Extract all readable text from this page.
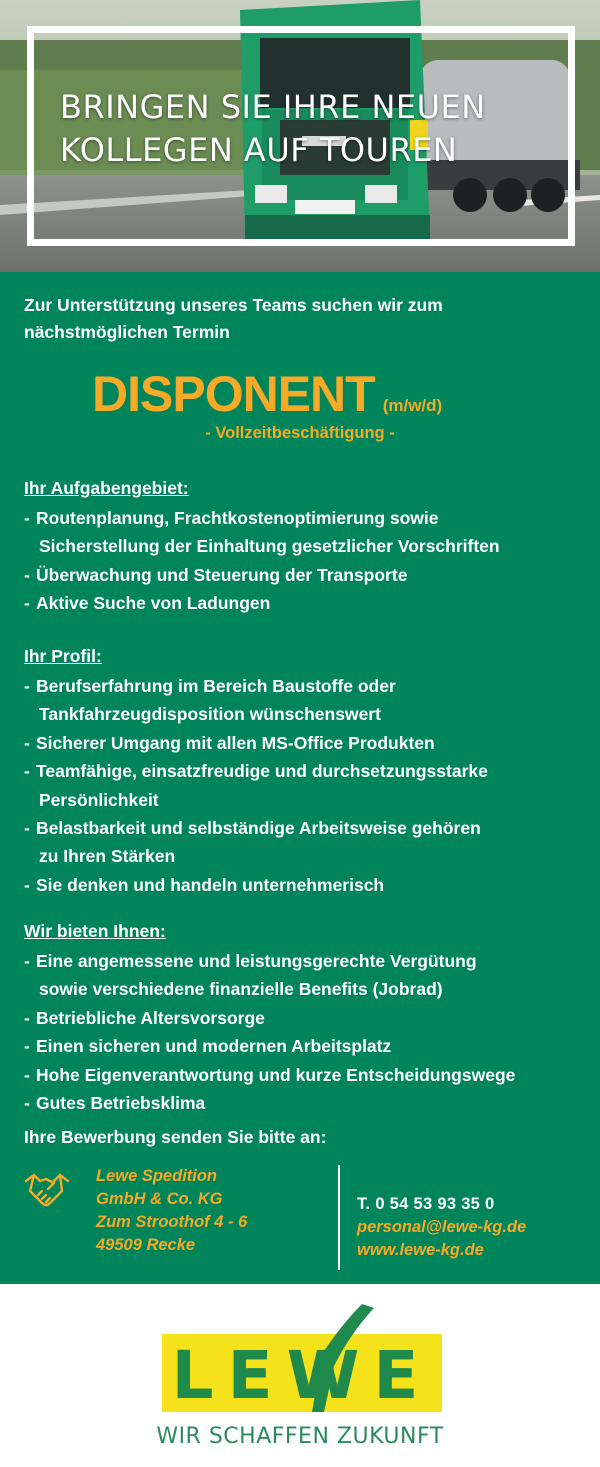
BRINGEN SIE IHRE NEUEN
KOLLEGEN AUF TOUREN
Zur Unterstützung unseres Teams suchen wir zum
nächstmöglichen Termin
DISPONENT (m/w/d)
- Vollzeitbeschäftigung -
Ihr Aufgabengebiet:
- Routenplanung, Frachtkostenoptimierung sowie
Sicherstellung der Einhaltung gesetzlicher Vorschriften
- Überwachung und Steuerung der Transporte
- Aktive Suche von Ladungen
Ihr Profil:
- Berufserfahrung im Bereich Baustoffe oder
Tankfahrzeugdisposition wünschenswert
- Sicherer Umgang mit allen MS-Office Produkten
- Teamfähige, einsatzfreudige und durchsetzungsstarke
Persönlichkeit
- Belastbarkeit und selbständige Arbeitsweise gehören
zu Ihren Stärken
- Sie denken und handeln unternehmerisch
Wir bieten Ihnen:
- Eine angemessene und leistungsgerechte Vergütung
sowie verschiedene finanzielle Benefits (Jobrad)
- Betriebliche Altersvorsorge
- Einen sicheren und modernen Arbeitsplatz
- Hohe Eigenverantwortung und kurze Entscheidungswege
- Gutes Betriebsklima
Ihre Bewerbung senden Sie bitte an:
Lewe Spedition
GmbH & Co. KG
Zum Stroothof 4 - 6
49509 Recke
T. 0 54 53 93 35 0
personal@lewe-kg.de
www.lewe-kg.de
LEWE
WIR SCHAFFEN ZUKUNFT
